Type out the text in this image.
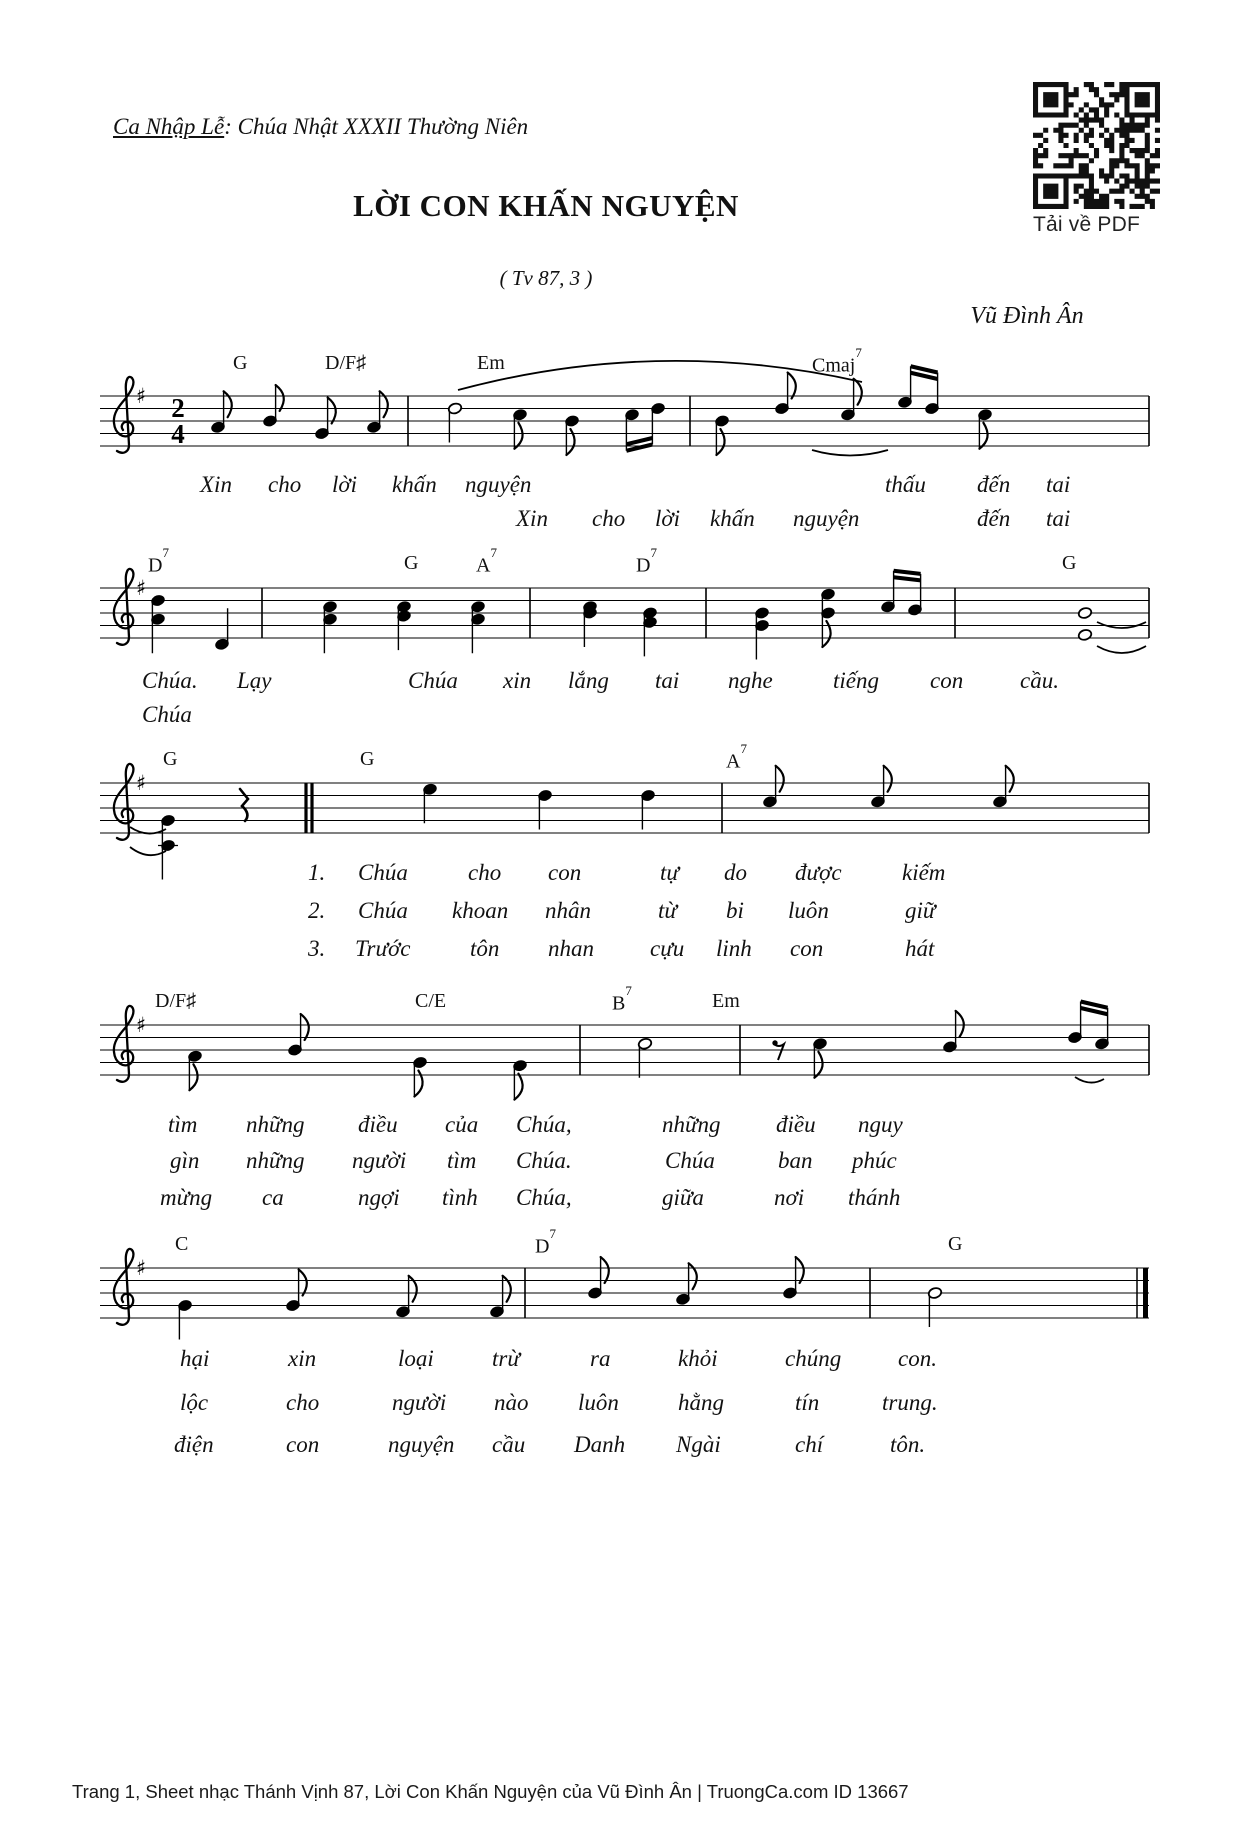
Ca Nhập Lễ: Chúa Nhật XXXII Thường Niên
Tải về PDF
LỜI CON KHẤN NGUYỆN
( Tv 87, 3 )
Vũ Đình Ân
♯ 2
4
♯
♯
♯
♯
Trang 1, Sheet nhạc Thánh Vịnh 87, Lời Con Khấn Nguyện của Vũ Đình Ân | TruongCa.com ID 13667
G	D/F♯	Em	Cmaj$^7$
Xin cho lời khấn nguyện	thấu đến tai
Xin cho lời khấn nguyện	đến tai
$D^7$	G	$A^7$
$D^7$	G
Chúa. Lạy	Chúa xin lắng tai nghe	tiếng con cầu.
Chúa
G	G	$A^7$
1. Chúa	cho con	tự do được	kiếm
2. Chúa khoan nhân	từ bi luôn	giữ
3. Trước	tôn nhan cựu linh con	hát
D/F♯	C/E	$B^7$	Em
tìm những điều của Chúa,	những điều nguy
gìn những người tìm Chúa.	Chúa	ban phúc
mừng ca	ngợi tình Chúa,	giữa	nơi thánh
C	$D^7$	G
hại	xin	loại	trừ	ra	khỏi	chúng con.
lộc	cho	người nào luôn	hằng	tín	trung.
điện	con	nguyện cầu Danh Ngài	chí	tôn.
